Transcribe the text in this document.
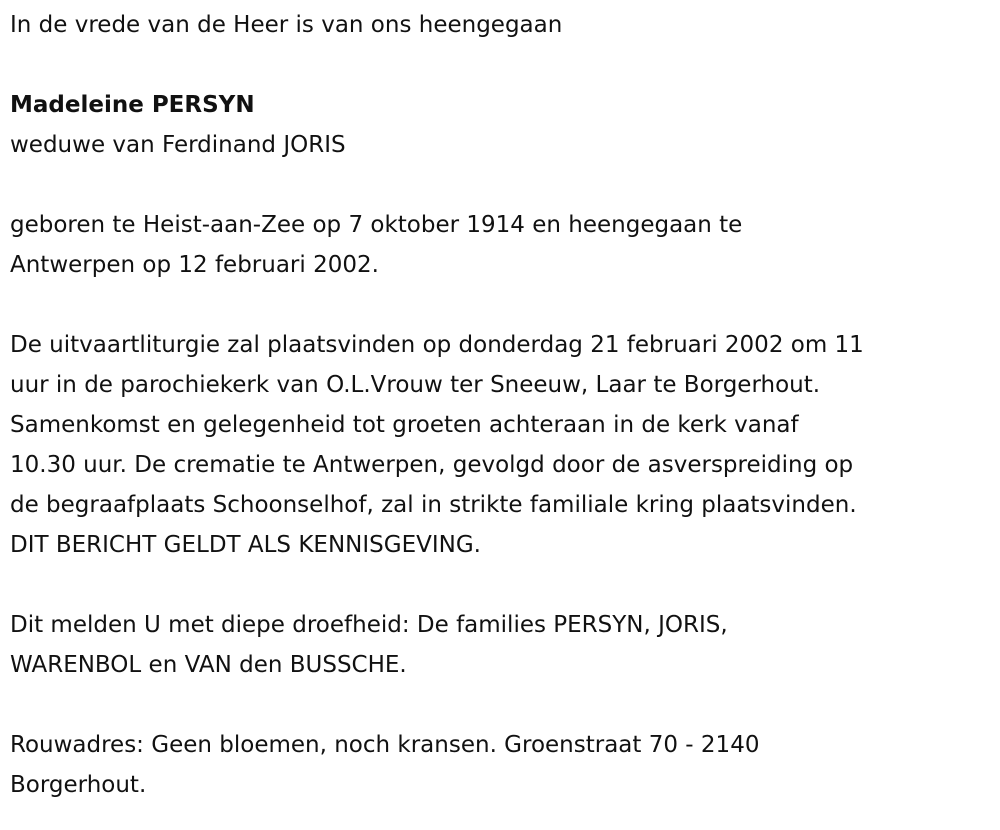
In de vrede van de Heer is van ons heengegaan
Madeleine PERSYN
weduwe van Ferdinand JORIS
geboren te Heist-aan-Zee op 7 oktober 1914 en heengegaan te
Antwerpen op 12 februari 2002.
De uitvaartliturgie zal plaatsvinden op donderdag 21 februari 2002 om 11
uur in de parochiekerk van O.L.Vrouw ter Sneeuw, Laar te Borgerhout.
Samenkomst en gelegenheid tot groeten achteraan in de kerk vanaf
10.30 uur. De crematie te Antwerpen, gevolgd door de asverspreiding op
de begraafplaats Schoonselhof, zal in strikte familiale kring plaatsvinden.
DIT BERICHT GELDT ALS KENNISGEVING.
Dit melden U met diepe droefheid: De families PERSYN, JORIS,
WARENBOL en VAN den BUSSCHE.
Rouwadres: Geen bloemen, noch kransen. Groenstraat 70 - 2140
Borgerhout.
